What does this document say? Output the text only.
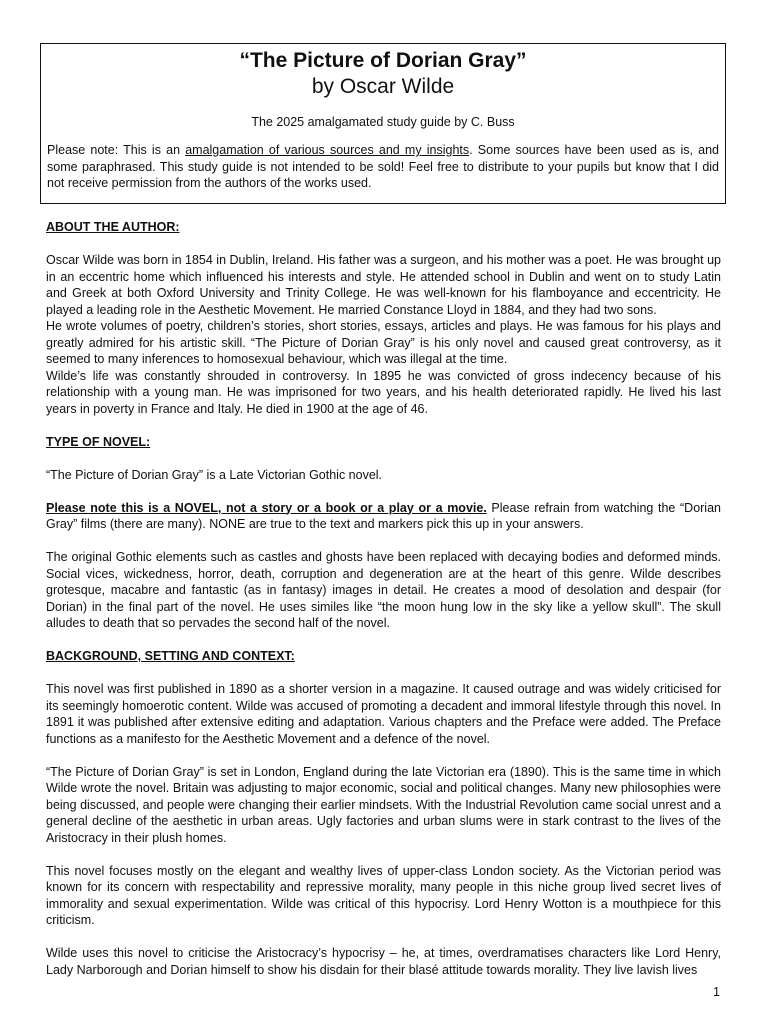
“The Picture of Dorian Gray”

by Oscar Wilde

The 2025 amalgamated study guide by C. Buss

Please note: This is an amalgamation of various sources and my insights. Some sources have been used as is, and some paraphrased. This study guide is not intended to be sold! Feel free to distribute to your pupils but know that I did not receive permission from the authors of the works used.

ABOUT THE AUTHOR:

Oscar Wilde was born in 1854 in Dublin, Ireland. His father was a surgeon, and his mother was a poet. He was brought up in an eccentric home which influenced his interests and style. He attended school in Dublin and went on to study Latin and Greek at both Oxford University and Trinity College. He was well-known for his flamboyance and eccentricity. He played a leading role in the Aesthetic Movement. He married Constance Lloyd in 1884, and they had two sons.

He wrote volumes of poetry, children’s stories, short stories, essays, articles and plays. He was famous for his plays and greatly admired for his artistic skill. “The Picture of Dorian Gray” is his only novel and caused great controversy, as it seemed to many inferences to homosexual behaviour, which was illegal at the time.

Wilde’s life was constantly shrouded in controversy. In 1895 he was convicted of gross indecency because of his relationship with a young man. He was imprisoned for two years, and his health deteriorated rapidly. He lived his last years in poverty in France and Italy. He died in 1900 at the age of 46.

TYPE OF NOVEL:

“The Picture of Dorian Gray” is a Late Victorian Gothic novel.

Please note this is a NOVEL, not a story or a book or a play or a movie. Please refrain from watching the “Dorian Gray” films (there are many). NONE are true to the text and markers pick this up in your answers.

The original Gothic elements such as castles and ghosts have been replaced with decaying bodies and deformed minds. Social vices, wickedness, horror, death, corruption and degeneration are at the heart of this genre. Wilde describes grotesque, macabre and fantastic (as in fantasy) images in detail. He creates a mood of desolation and despair (for Dorian) in the final part of the novel. He uses similes like “the moon hung low in the sky like a yellow skull”. The skull alludes to death that so pervades the second half of the novel.

BACKGROUND, SETTING AND CONTEXT:

This novel was first published in 1890 as a shorter version in a magazine. It caused outrage and was widely criticised for its seemingly homoerotic content. Wilde was accused of promoting a decadent and immoral lifestyle through this novel. In 1891 it was published after extensive editing and adaptation. Various chapters and the Preface were added. The Preface functions as a manifesto for the Aesthetic Movement and a defence of the novel.

“The Picture of Dorian Gray” is set in London, England during the late Victorian era (1890). This is the same time in which Wilde wrote the novel. Britain was adjusting to major economic, social and political changes. Many new philosophies were being discussed, and people were changing their earlier mindsets. With the Industrial Revolution came social unrest and a general decline of the aesthetic in urban areas. Ugly factories and urban slums were in stark contrast to the lives of the Aristocracy in their plush homes.

This novel focuses mostly on the elegant and wealthy lives of upper-class London society. As the Victorian period was known for its concern with respectability and repressive morality, many people in this niche group lived secret lives of immorality and sexual experimentation. Wilde was critical of this hypocrisy. Lord Henry Wotton is a mouthpiece for this criticism.

Wilde uses this novel to criticise the Aristocracy’s hypocrisy – he, at times, overdramatises characters like Lord Henry, Lady Narborough and Dorian himself to show his disdain for their blasé attitude towards morality. They live lavish lives

1
